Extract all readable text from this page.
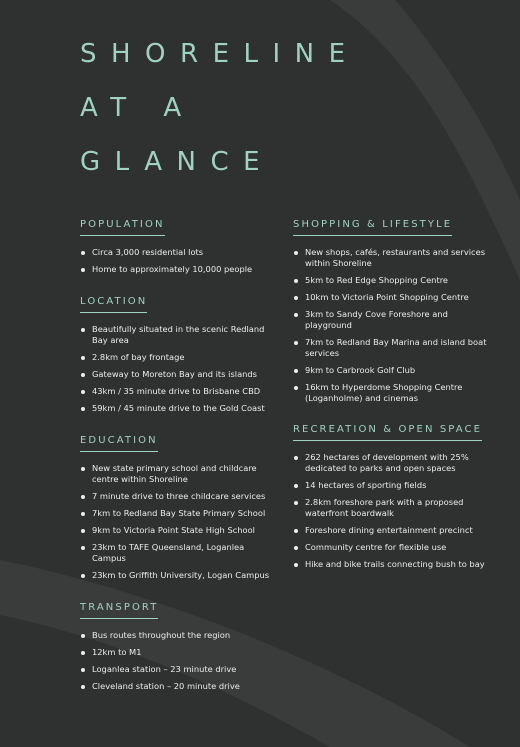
SHORELINE
AT A
GLANCE
POPULATION
Circa 3,000 residential lots
Home to approximately 10,000 people
LOCATION
Beautifully situated in the scenic Redland Bay area
2.8km of bay frontage
Gateway to Moreton Bay and its islands
43km / 35 minute drive to Brisbane CBD
59km / 45 minute drive to the Gold Coast
EDUCATION
New state primary school and childcare centre within Shoreline
7 minute drive to three childcare services
7km to Redland Bay State Primary School
9km to Victoria Point State High School
23km to TAFE Queensland, Loganlea Campus
23km to Griffith University, Logan Campus
TRANSPORT
Bus routes throughout the region
12km to M1
Loganlea station – 23 minute drive
Cleveland station – 20 minute drive
SHOPPING & LIFESTYLE
New shops, cafés, restaurants and services within Shoreline
5km to Red Edge Shopping Centre
10km to Victoria Point Shopping Centre
3km to Sandy Cove Foreshore and playground
7km to Redland Bay Marina and island boat services
9km to Carbrook Golf Club
16km to Hyperdome Shopping Centre (Loganholme) and cinemas
RECREATION & OPEN SPACE
262 hectares of development with 25% dedicated to parks and open spaces
14 hectares of sporting fields
2.8km foreshore park with a proposed waterfront boardwalk
Foreshore dining entertainment precinct
Community centre for flexible use
Hike and bike trails connecting bush to bay
